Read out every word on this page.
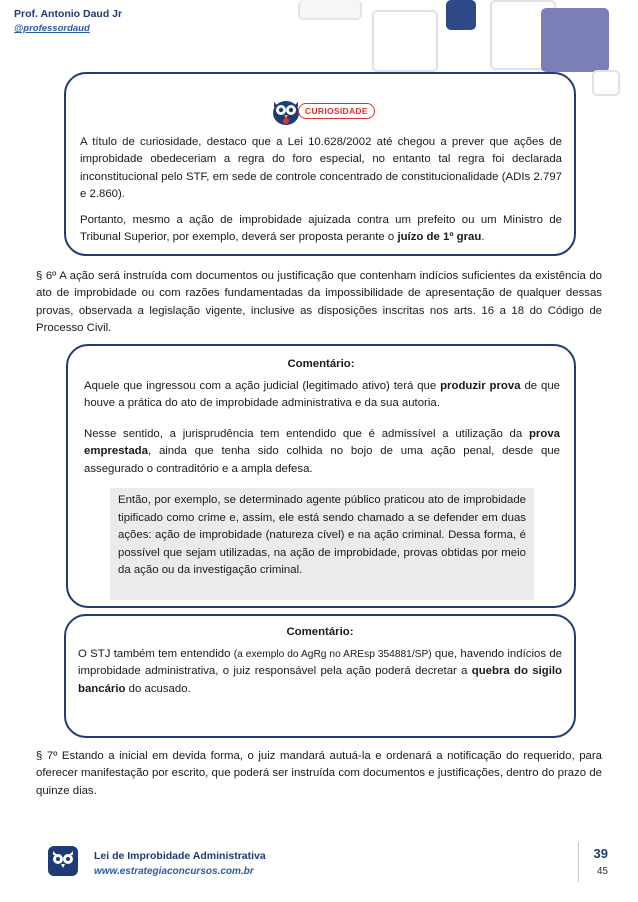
Prof. Antonio Daud Jr
@professordaud
CURIOSIDADE

A título de curiosidade, destaco que a Lei 10.628/2002 até chegou a prever que ações de improbidade obedeceriam a regra do foro especial, no entanto tal regra foi declarada inconstitucional pelo STF, em sede de controle concentrado de constitucionalidade (ADIs 2.797 e 2.860).

Portanto, mesmo a ação de improbidade ajuizada contra um prefeito ou um Ministro de Tribunal Superior, por exemplo, deverá ser proposta perante o juízo de 1º grau.

§ 6º A ação será instruída com documentos ou justificação que contenham indícios suficientes da existência do ato de improbidade ou com razões fundamentadas da impossibilidade de apresentação de qualquer dessas provas, observada a legislação vigente, inclusive as disposições inscritas nos arts. 16 a 18 do Código de Processo Civil.

Comentário:

Aquele que ingressou com a ação judicial (legitimado ativo) terá que produzir prova de que houve a prática do ato de improbidade administrativa e da sua autoria.

Nesse sentido, a jurisprudência tem entendido que é admissível a utilização da prova emprestada, ainda que tenha sido colhida no bojo de uma ação penal, desde que assegurado o contraditório e a ampla defesa.

Então, por exemplo, se determinado agente público praticou ato de improbidade tipificado como crime e, assim, ele está sendo chamado a se defender em duas ações: ação de improbidade (natureza cível) e na ação criminal. Dessa forma, é possível que sejam utilizadas, na ação de improbidade, provas obtidas por meio da ação ou da investigação criminal.
Comentário:

O STJ também tem entendido (a exemplo do AgRg no AREsp 354881/SP) que, havendo indícios de improbidade administrativa, o juiz responsável pela ação poderá decretar a quebra do sigilo bancário do acusado.

§ 7º Estando a inicial em devida forma, o juiz mandará autuá-la e ordenará a notificação do requerido, para oferecer manifestação por escrito, que poderá ser instruída com documentos e justificações, dentro do prazo de quinze dias.

Lei de Improbidade Administrativa
www.estrategiaconcursos.com.br
39
45
